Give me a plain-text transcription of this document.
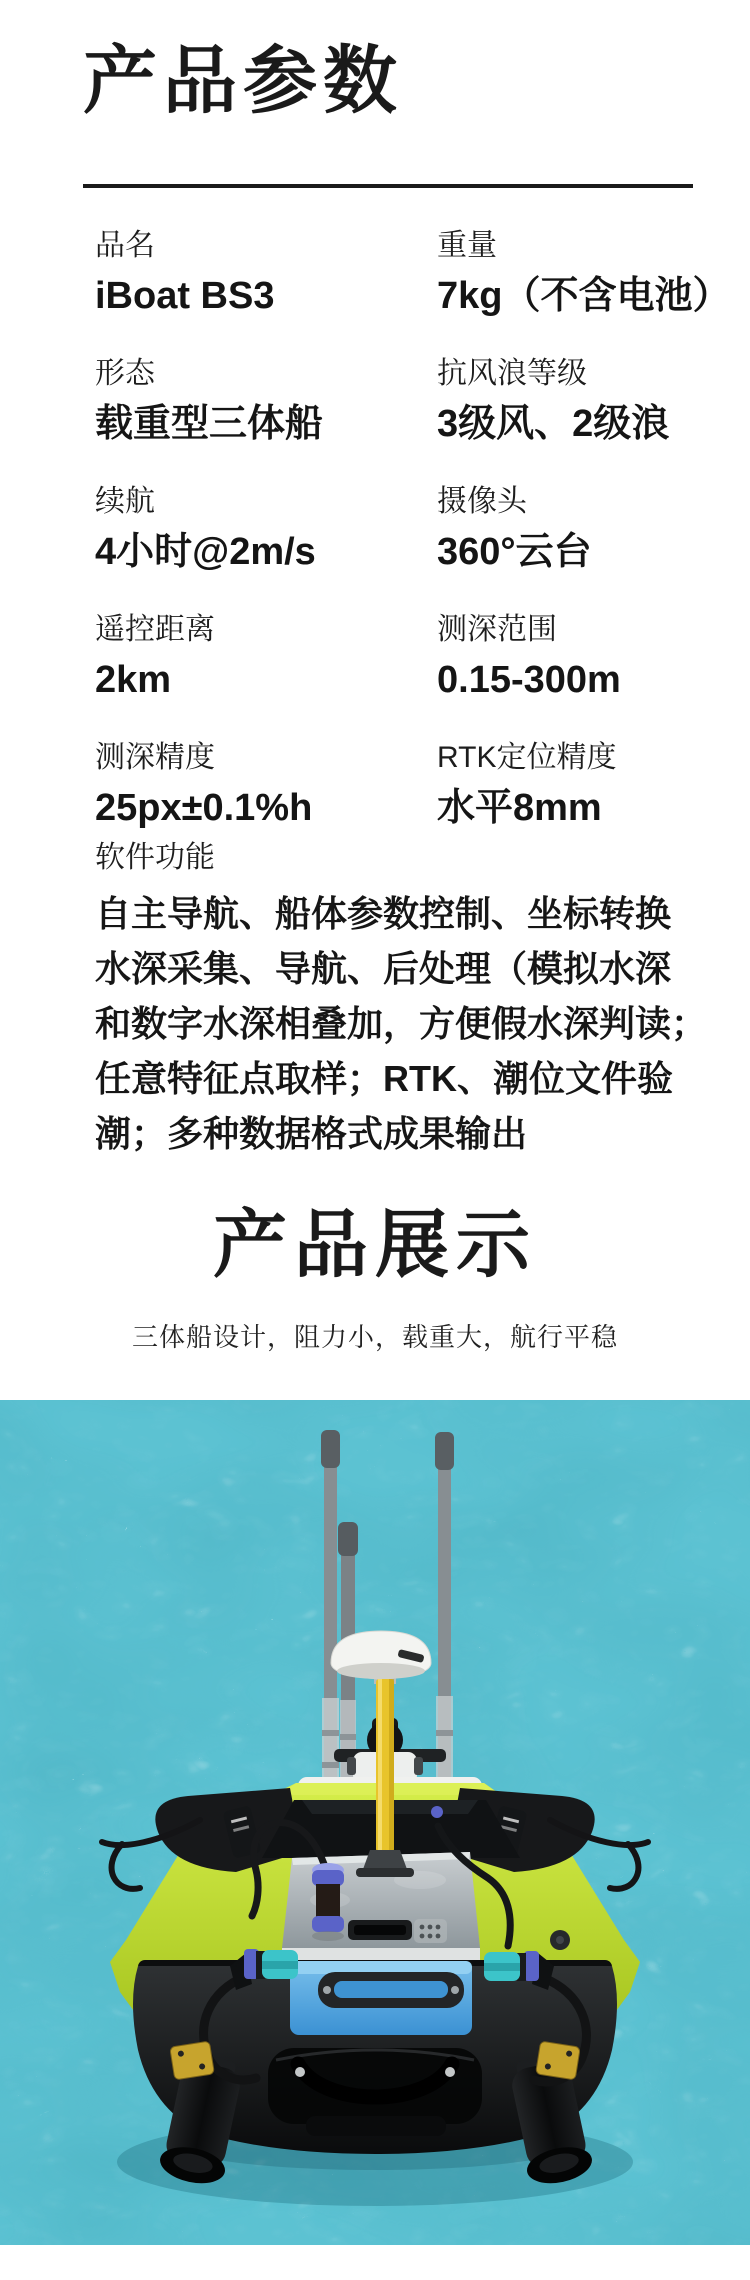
产品参数
品名
iBoat BS3
重量
7kg（不含电池）
形态
载重型三体船
抗风浪等级
3级风、2级浪
续航
4小时@2m/s
摄像头
360°云台
遥控距离
2km
测深范围
0.15-300m
测深精度
25px±0.1%h
RTK定位精度
水平8mm
软件功能
自主导航、船体参数控制、坐标转换
水深采集、导航、后处理（模拟水深
和数字水深相叠加，方便假水深判读；
任意特征点取样；RTK、潮位文件验
潮；多种数据格式成果输出
产品展示
三体船设计，阻力小，载重大，航行平稳
